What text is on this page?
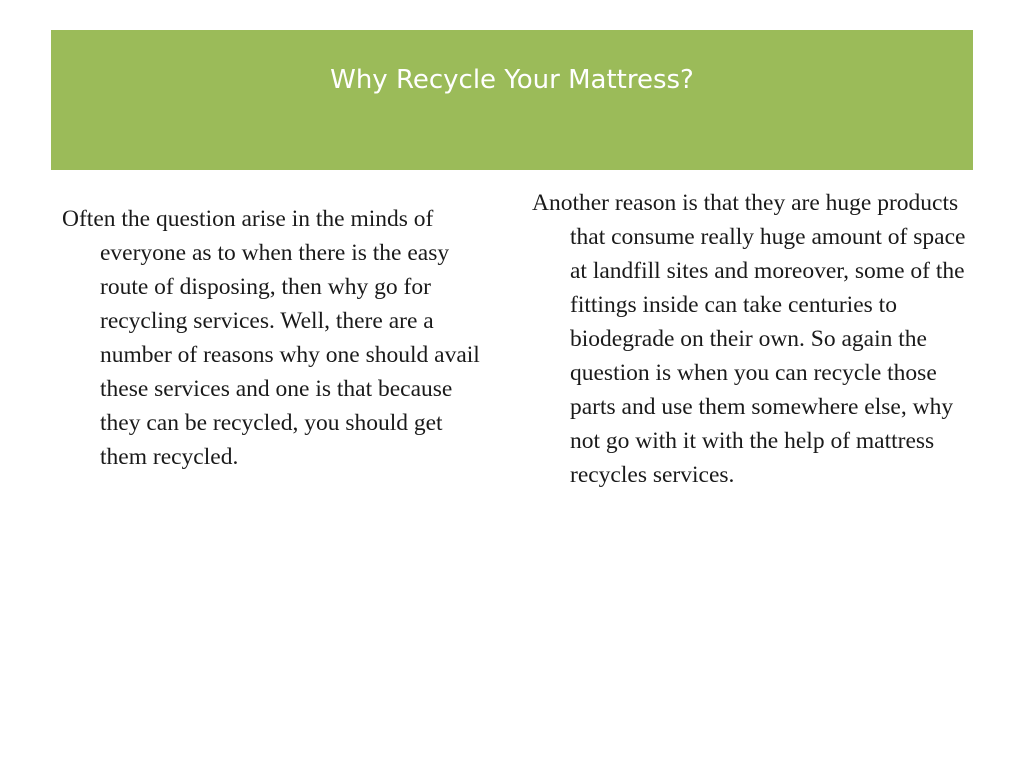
Why Recycle Your Mattress?

Often the question arise in the minds of everyone as to when there is the easy route of disposing, then why go for recycling services. Well, there are a number of reasons why one should avail these services and one is that because they can be recycled, you should get them recycled.

Another reason is that they are huge products that consume really huge amount of space at landfill sites and moreover, some of the fittings inside can take centuries to biodegrade on their own. So again the question is when you can recycle those parts and use them somewhere else, why not go with it with the help of mattress recycles services.
